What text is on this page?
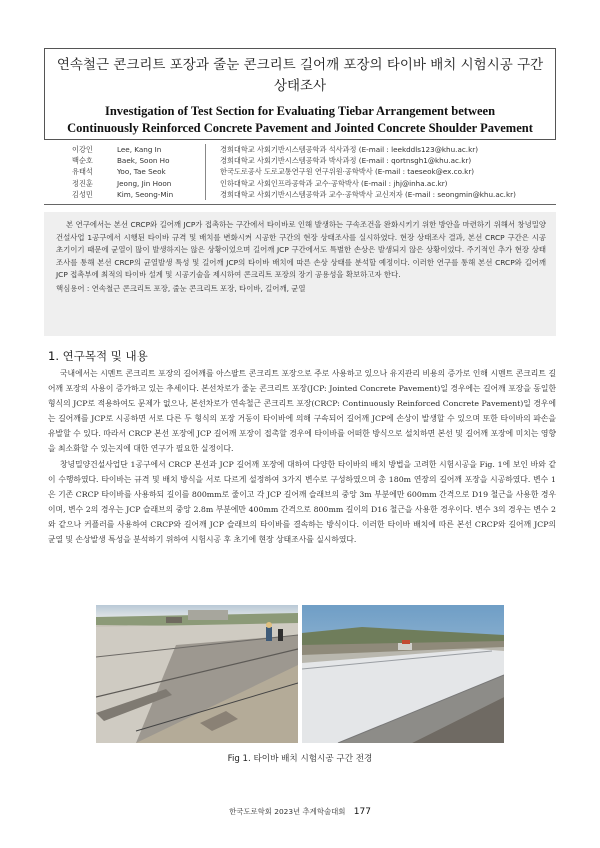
연속철근 콘크리트 포장과 줄눈 콘크리트 길어깨 포장의 타이바 배치 시험시공 구간
상태조사
Investigation of Test Section for Evaluating Tiebar Arrangement between
Continuously Reinforced Concrete Pavement and Jointed Concrete Shoulder Pavement
이강인	Lee, Kang In	경희대학교 사회기반시스템공학과 석사과정 (E-mail : leekddls123@khu.ac.kr)
백순호	Baek, Soon Ho	경희대학교 사회기반시스템공학과 박사과정 (E-mail : qortnsgh1@khu.ac.kr)
유태석	Yoo, Tae Seok	한국도로공사 도로교통연구원 연구위원·공학박사 (E-mail : taeseok@ex.co.kr)
정진훈	Jeong, Jin Hoon	인하대학교 사회인프라공학과 교수·공학박사 (E-mail : jhj@inha.ac.kr)
김성민	Kim, Seong-Min	경희대학교 사회기반시스템공학과 교수·공학박사 교신저자 (E-mail : seongmin@khu.ac.kr)

본 연구에서는 본선 CRCP와 길어깨 JCP가 접촉하는 구간에서 타이바로 인해 발생하는 구속조건을 완화시키기 위한 방안을 마련하기 위해서 창녕밀양건설사업 1공구에서 시행된 타이바 규격 및 배치를 변화시켜 시공한 구간의 현장 상태조사를 실시하였다. 현장 상태조사 결과, 본선 CRCP 구간은 시공 초기이기 때문에 균열이 많이 발생하지는 않은 상황이었으며 길어깨 JCP 구간에서도 특별한 손상은 발생되지 않은 상황이었다. 주기적인 추가 현장 상태조사를 통해 본선 CRCP의 균열발생 특성 및 길어깨 JCP의 타이바 배치에 따른 손상 상태를 분석할 예정이다. 이러한 연구를 통해 본선 CRCP와 길어깨 JCP 접촉부에 최적의 타이바 설계 및 시공기술을 제시하여 콘크리트 포장의 장기 공용성을 확보하고자 한다.

핵심용어 : 연속철근 콘크리트 포장, 줄눈 콘크리트 포장, 타이바, 길어깨, 균열
1. 연구목적 및 내용

국내에서는 시멘트 콘크리트 포장의 길어깨를 아스팔트 콘크리트 포장으로 주로 사용하고 있으나 유지관리 비용의 증가로 인해 시멘트 콘크리트 길어깨 포장의 사용이 증가하고 있는 추세이다. 본선차로가 줄눈 콘크리트 포장(JCP: Jointed Concrete Pavement)일 경우에는 길어깨 포장을 동일한 형식의 JCP로 적용하여도 문제가 없으나, 본선차로가 연속철근 콘크리트 포장(CRCP: Continuously Reinforced Concrete Pavement)일 경우에는 길어깨를 JCP로 시공하면 서로 다른 두 형식의 포장 거동이 타이바에 의해 구속되어 길어깨 JCP에 손상이 발생할 수 있으며 또한 타이바의 파손을 유발할 수 있다. 따라서 CRCP 본선 포장에 JCP 길어깨 포장이 접촉할 경우에 타이바를 어떠한 방식으로 설치하면 본선 및 길어깨 포장에 미치는 영향을 최소화할 수 있는지에 대한 연구가 필요한 실정이다.

창녕밀양건설사업단 1공구에서 CRCP 본선과 JCP 길어깨 포장에 대하여 다양한 타이바의 배치 방법을 고려한 시험시공을 Fig. 1에 보인 바와 같이 수행하였다. 타이바는 규격 및 배치 방식을 서로 다르게 설정하여 3가지 변수로 구성하였으며 총 180m 연장의 길어깨 포장을 시공하였다. 변수 1은 기존 CRCP 타이바를 사용하되 길이를 800mm로 줄이고 각 JCP 길어깨 슬래브의 중앙 3m 부분에만 600mm 간격으로 D19 철근을 사용한 경우이며, 변수 2의 경우는 JCP 슬래브의 중앙 2.8m 부분에만 400mm 간격으로 800mm 길이의 D16 철근을 사용한 경우이다. 변수 3의 경우는 변수 2와 같으나 커플러를 사용하여 CRCP와 길어깨 JCP 슬래브의 타이바를 결속하는 방식이다. 이러한 타이바 배치에 따른 본선 CRCP와 길어깨 JCP의 균열 및 손상발생 특성을 분석하기 위하여 시험시공 후 초기에 현장 상태조사를 실시하였다.

Fig 1. 타이바 배치 시험시공 구간 전경
한국도로학회 2023년 추계학술대회 177
